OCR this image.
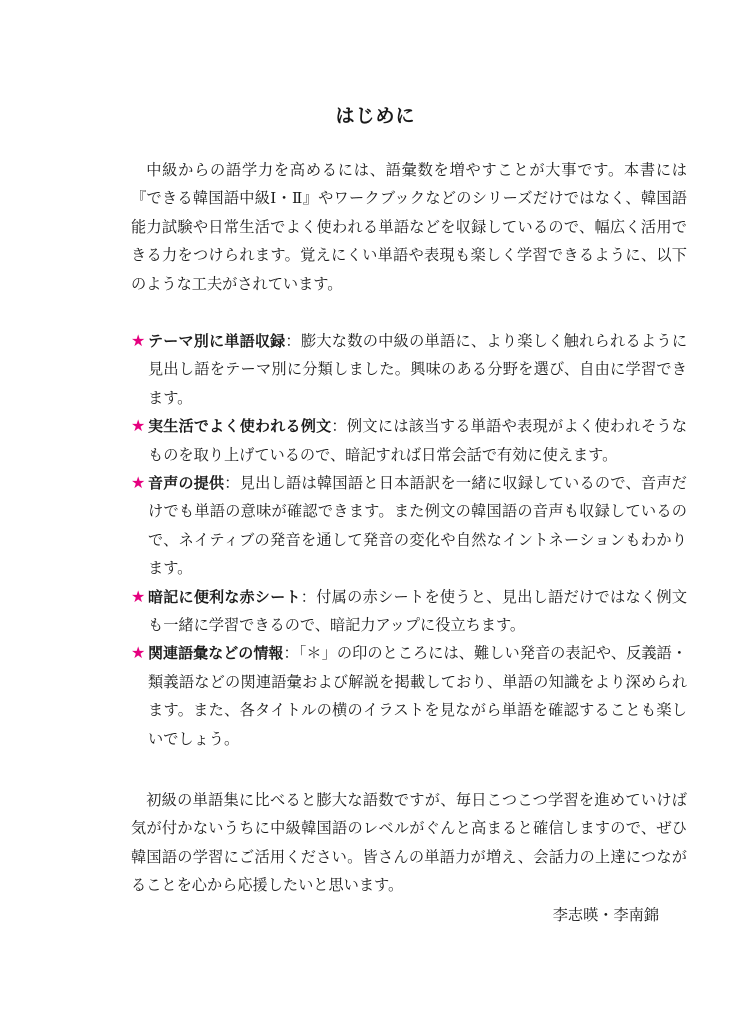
はじめに

中級からの語学力を高めるには、語彙数を増やすことが大事です。本書には『できる韓国語中級Ⅰ・Ⅱ』やワークブックなどのシリーズだけではなく、韓国語能力試験や日常生活でよく使われる単語などを収録しているので、幅広く活用できる力をつけられます。覚えにくい単語や表現も楽しく学習できるように、以下のような工夫がされています。

★ テーマ別に単語収録：膨大な数の中級の単語に、より楽しく触れられるように見出し語をテーマ別に分類しました。興味のある分野を選び、自由に学習できます。
★ 実生活でよく使われる例文：例文には該当する単語や表現がよく使われそうなものを取り上げているので、暗記すれば日常会話で有効に使えます。
★ 音声の提供：見出し語は韓国語と日本語訳を一緒に収録しているので、音声だけでも単語の意味が確認できます。また例文の韓国語の音声も収録しているので、ネイティブの発音を通して発音の変化や自然なイントネーションもわかります。
★ 暗記に便利な赤シート：付属の赤シートを使うと、見出し語だけではなく例文も一緒に学習できるので、暗記力アップに役立ちます。
★ 関連語彙などの情報：「＊」の印のところには、難しい発音の表記や、反義語・類義語などの関連語彙および解説を掲載しており、単語の知識をより深められます。また、各タイトルの横のイラストを見ながら単語を確認することも楽しいでしょう。

初級の単語集に比べると膨大な語数ですが、毎日こつこつ学習を進めていけば気が付かないうちに中級韓国語のレベルがぐんと高まると確信しますので、ぜひ韓国語の学習にご活用ください。皆さんの単語力が増え、会話力の上達につながることを心から応援したいと思います。

李志暎・李南錦
